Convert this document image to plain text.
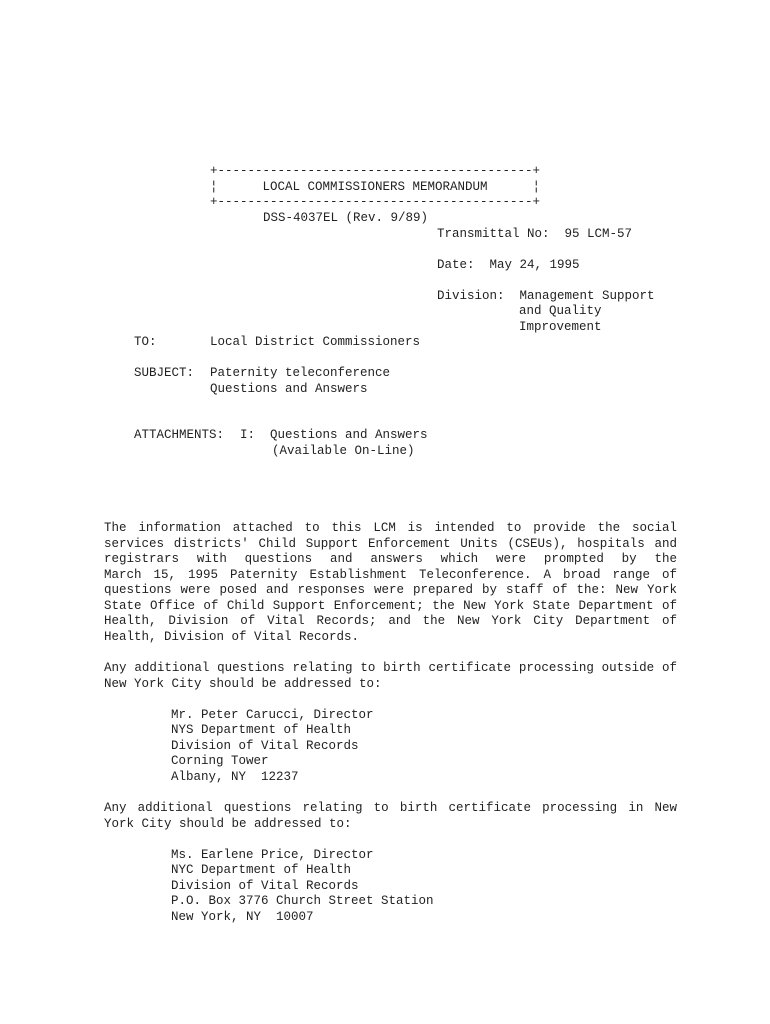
+------------------------------------------+
¦      LOCAL COMMISSIONERS MEMORANDUM      ¦
+------------------------------------------+
DSS-4037EL (Rev. 9/89)
Transmittal No:  95 LCM-57
Date:  May 24, 1995
Division:  Management Support
and Quality
Improvement
TO:	Local District Commissioners
SUBJECT: Paternity teleconference
Questions and Answers
ATTACHMENTS: I:  Questions and Answers
(Available On-Line)
The information attached to this LCM is intended to provide the social
services districts' Child Support Enforcement Units (CSEUs), hospitals and
registrars with questions and answers which were prompted by the
March 15, 1995 Paternity Establishment Teleconference. A broad range of
questions were posed and responses were prepared by staff of the: New York
State Office of Child Support Enforcement; the New York State Department of
Health, Division of Vital Records; and the New York City Department of
Health, Division of Vital Records.
Any additional questions relating to birth certificate processing outside of
New York City should be addressed to:
Mr. Peter Carucci, Director
NYS Department of Health
Division of Vital Records
Corning Tower
Albany, NY  12237
Any additional questions relating to birth certificate processing in New
York City should be addressed to:
Ms. Earlene Price, Director
NYC Department of Health
Division of Vital Records
P.O. Box 3776 Church Street Station
New York, NY  10007
